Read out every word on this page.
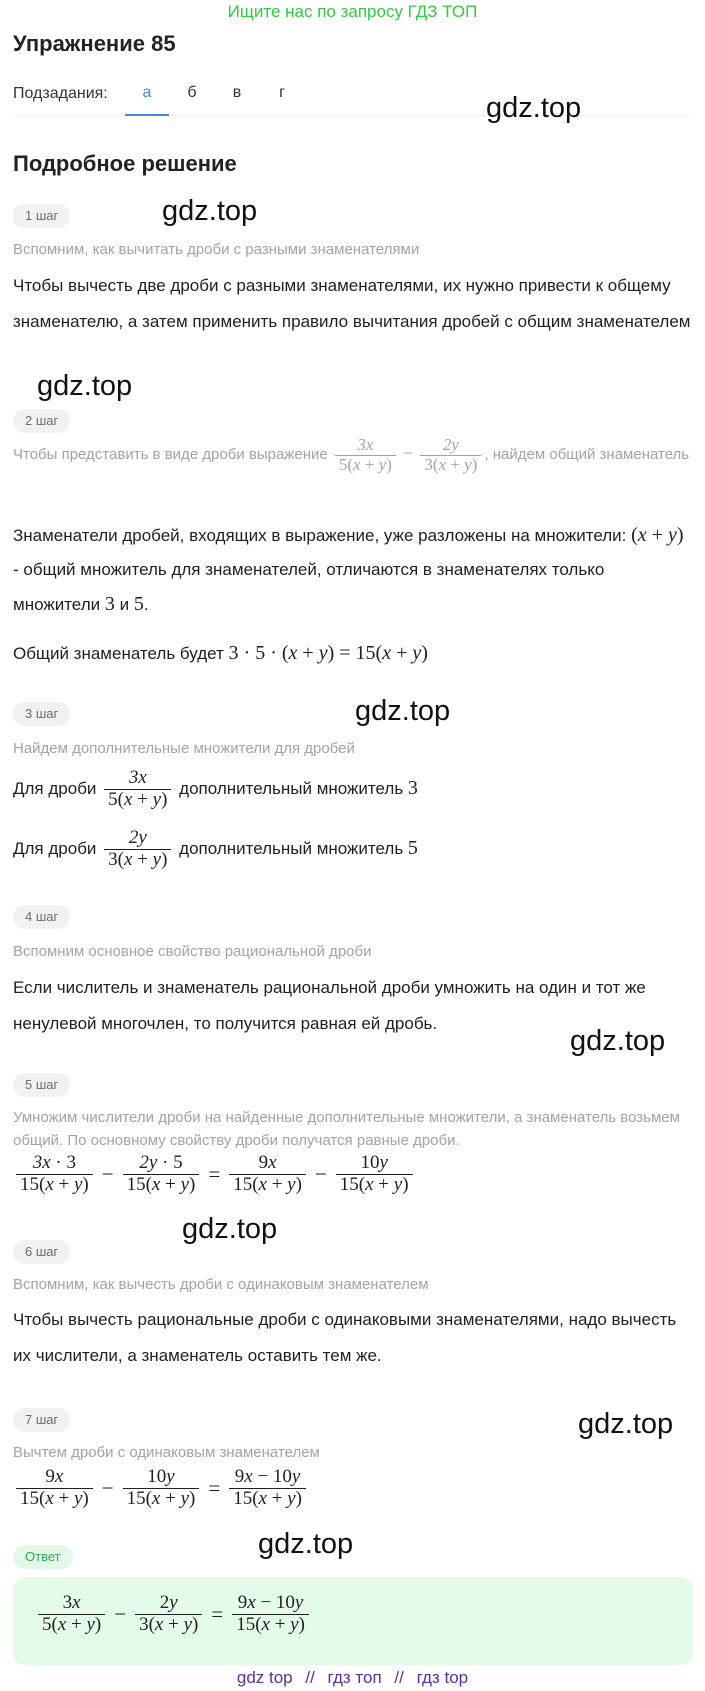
Ищите нас по запросу ГДЗ ТОП
Упражнение 85
Подзадания:	а	б	в	г	gdz.top
Подробное решение
1 шаг	gdz.top
Вспомним, как вычитать дроби с разными знаменателями
Чтобы вычесть две дроби с разными знаменателями, их нужно привести к общему знаменателю, а затем применить правило вычитания дробей с общим знаменателем
gdz.top
2 шаг
Чтобы представить в виде дроби выражение $\frac{3x}{5(x + y)} - \frac{2y}{3(x + y)}$ , найдем общий знаменатель
Знаменатели дробей, входящих в выражение, уже разложены на множители: (x + y) - общий множитель для знаменателей, отличаются в знаменателях только множители 3 и 5.
Общий знаменатель будет 3 · 5 · (x + y) = 15(x + y)
gdz.top
3 шаг
Найдем дополнительные множители для дробей
Для дроби $\frac{3x}{5(x + y)}$ дополнительный множитель 3
Для дроби $\frac{2y}{3(x + y)}$ дополнительный множитель 5
4 шаг
Вспомним основное свойство рациональной дроби
Если числитель и знаменатель рациональной дроби умножить на один и тот же ненулевой многочлен, то получится равная ей дробь.
gdz.top
5 шаг
Умножим числители дроби на найденные дополнительные множители, а знаменатель возьмем общий. По основному свойству дроби получатся равные дроби.
$\frac{3x \cdot 3}{15(x + y)} - \frac{2y \cdot 5}{15(x + y)} = \frac{9x}{15(x + y)} - \frac{10y}{15(x + y)}$
gdz.top
6 шаг
Вспомним, как вычесть дроби с одинаковым знаменателем
Чтобы вычесть рациональные дроби с одинаковыми знаменателями, надо вычесть их числители, а знаменатель оставить тем же.
gdz.top
7 шаг
Вычтем дроби с одинаковым знаменателем
$\frac{9x}{15(x + y)} - \frac{10y}{15(x + y)} = \frac{9x - 10y}{15(x + y)}$
Ответ	gdz.top
$\frac{3x}{5(x + y)} - \frac{2y}{3(x + y)} = \frac{9x - 10y}{15(x + y)}$
gdz top // гдз топ // гдз top
